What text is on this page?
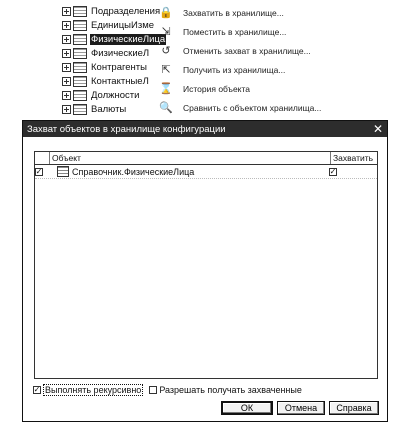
Подразделения
ЕдиницыИзме
ФизическиеЛица
ФизическиеЛ
Контрагенты
КонтактныеЛ
Должности
Валюты
🔒 Захватить в хранилище...
⇲ Поместить в хранилище...
↺ Отменить захват в хранилище...
⇱ Получить из хранилища...
⌛ История объекта
🔍 Сравнить с объектом хранилища...
Захват объектов в хранилище конфигурации	✕
Объект	Захватить
✓	Справочник.ФизическиеЛица	✓
✓ Выполнять рекурсивно Разрешать получать захваченные
ОК	Отмена	Справка
